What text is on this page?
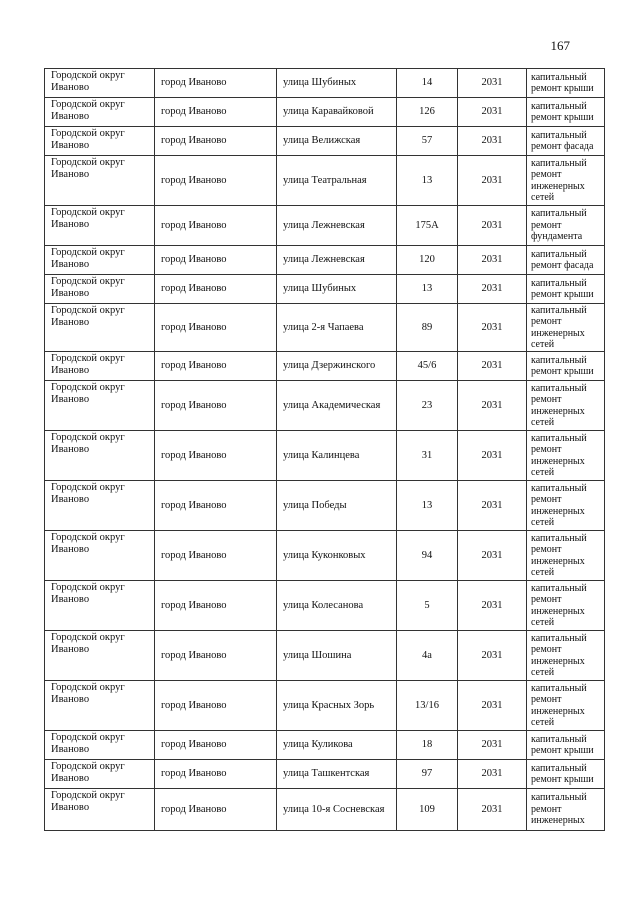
167
Городской округ Иваново	город Иваново	улица Шубиных	14	2031	капитальный ремонт крыши
Городской округ Иваново	город Иваново	улица Каравайковой	126	2031	капитальный ремонт крыши
Городской округ Иваново	город Иваново	улица Велижская	57	2031	капитальный ремонт фасада
Городской округ Иваново	город Иваново	улица Театральная	13	2031	капитальный ремонт инженерных сетей
Городской округ Иваново	город Иваново	улица Лежневская	175А	2031	капитальный ремонт фундамента
Городской округ Иваново	город Иваново	улица Лежневская	120	2031	капитальный ремонт фасада
Городской округ Иваново	город Иваново	улица Шубиных	13	2031	капитальный ремонт крыши
Городской округ Иваново	город Иваново	улица 2-я Чапаева	89	2031	капитальный ремонт инженерных сетей
Городской округ Иваново	город Иваново	улица Дзержинского	45/6	2031	капитальный ремонт крыши
Городской округ Иваново	город Иваново	улица Академическая	23	2031	капитальный ремонт инженерных сетей
Городской округ Иваново	город Иваново	улица Калинцева	31	2031	капитальный ремонт инженерных сетей
Городской округ Иваново	город Иваново	улица Победы	13	2031	капитальный ремонт инженерных сетей
Городской округ Иваново	город Иваново	улица Куконковых	94	2031	капитальный ремонт инженерных сетей
Городской округ Иваново	город Иваново	улица Колесанова	5	2031	капитальный ремонт инженерных сетей
Городской округ Иваново	город Иваново	улица Шошина	4а	2031	капитальный ремонт инженерных сетей
Городской округ Иваново	город Иваново	улица Красных Зорь	13/16	2031	капитальный ремонт инженерных сетей
Городской округ Иваново	город Иваново	улица Куликова	18	2031	капитальный ремонт крыши
Городской округ Иваново	город Иваново	улица Ташкентская	97	2031	капитальный ремонт крыши
Городской округ Иваново	город Иваново	улица 10-я Сосневская	109	2031	капитальный ремонт инженерных
